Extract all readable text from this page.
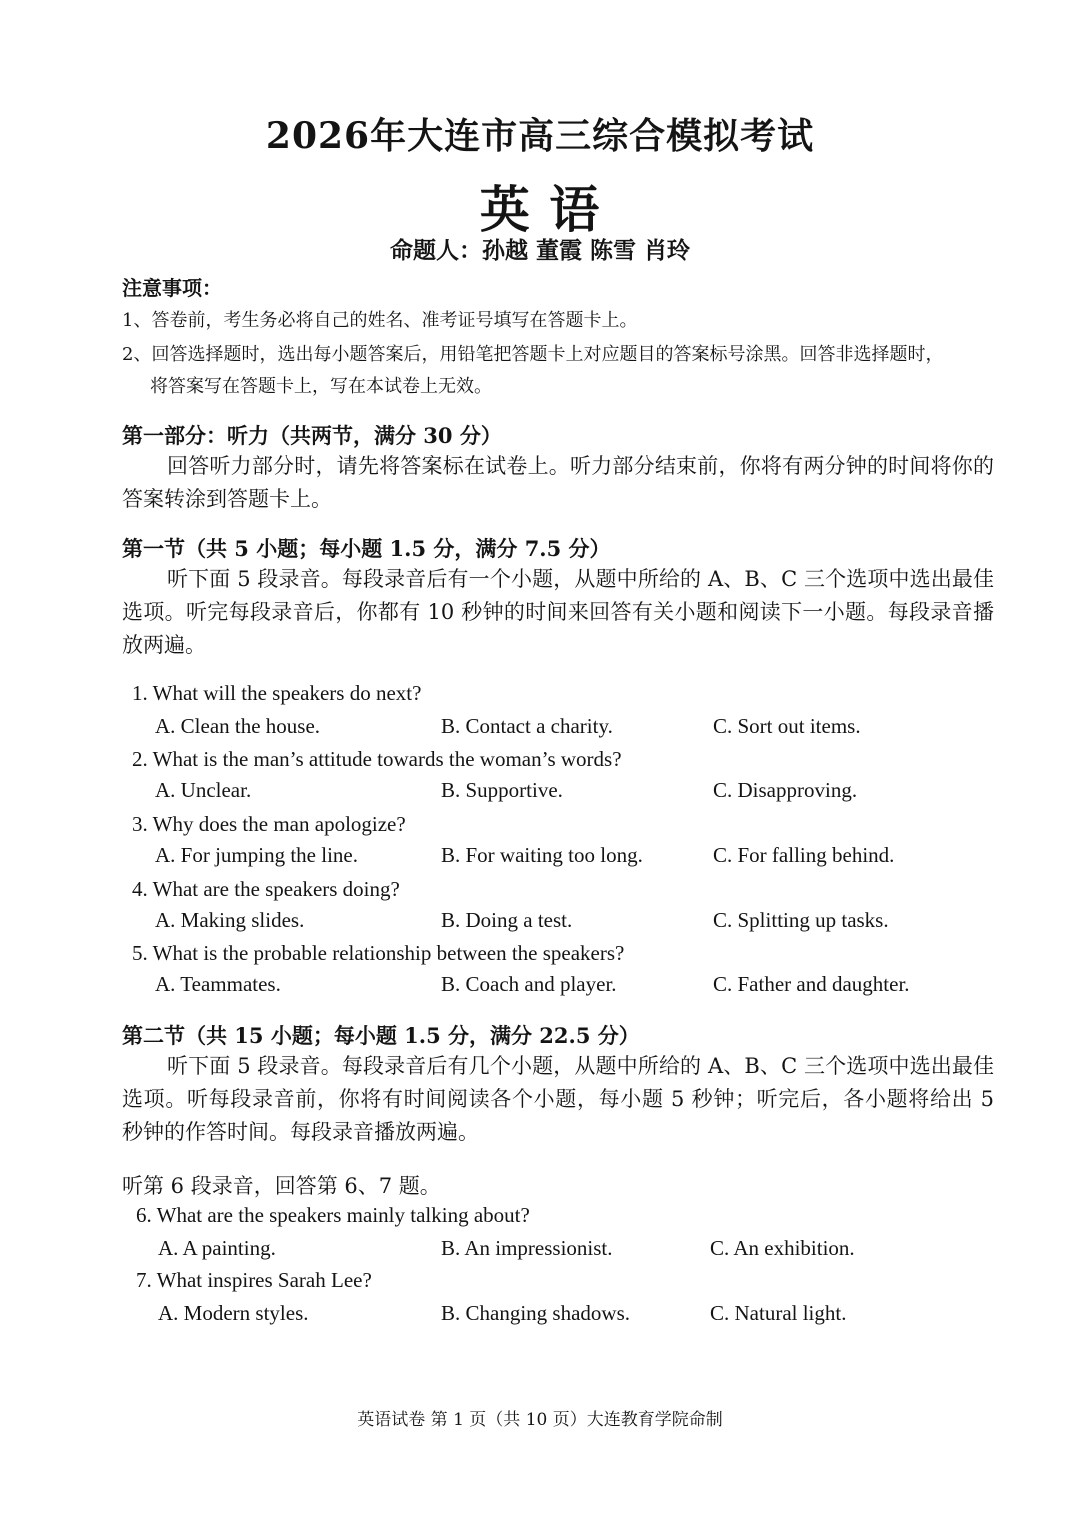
2026年大连市高三综合模拟考试
英 语
命题人：孙越 董霞 陈雪 肖玲
注意事项：
1、答卷前，考生务必将自己的姓名、准考证号填写在答题卡上。
2、回答选择题时，选出每小题答案后，用铅笔把答题卡上对应题目的答案标号涂黑。回答非选择题时，
将答案写在答题卡上，写在本试卷上无效。
第一部分：听力（共两节，满分 30 分）
回答听力部分时，请先将答案标在试卷上。听力部分结束前，你将有两分钟的时间将你的答案转涂到答题卡上。
第一节（共 5 小题；每小题 1.5 分，满分 7.5 分）
听下面 5 段录音。每段录音后有一个小题，从题中所给的 A、B、C 三个选项中选出最佳选项。听完每段录音后，你都有 10 秒钟的时间来回答有关小题和阅读下一小题。每段录音播放两遍。
1. What will the speakers do next?
A. Clean the house.	B. Contact a charity.	C. Sort out items.
2. What is the man’s attitude towards the woman’s words?
A. Unclear.	B. Supportive.	C. Disapproving.
3. Why does the man apologize?
A. For jumping the line.	B. For waiting too long.	C. For falling behind.
4. What are the speakers doing?
A. Making slides.	B. Doing a test.	C. Splitting up tasks.
5. What is the probable relationship between the speakers?
A. Teammates.	B. Coach and player.	C. Father and daughter.
第二节（共 15 小题；每小题 1.5 分，满分 22.5 分）
听下面 5 段录音。每段录音后有几个小题，从题中所给的 A、B、C 三个选项中选出最佳选项。听每段录音前，你将有时间阅读各个小题，每小题 5 秒钟；听完后，各小题将给出 5 秒钟的作答时间。每段录音播放两遍。
听第 6 段录音，回答第 6、7 题。
6. What are the speakers mainly talking about?
A. A painting.	B. An impressionist.	C. An exhibition.
7. What inspires Sarah Lee?
A. Modern styles.	B. Changing shadows.	C. Natural light.
英语试卷 第 1 页（共 10 页）大连教育学院命制
